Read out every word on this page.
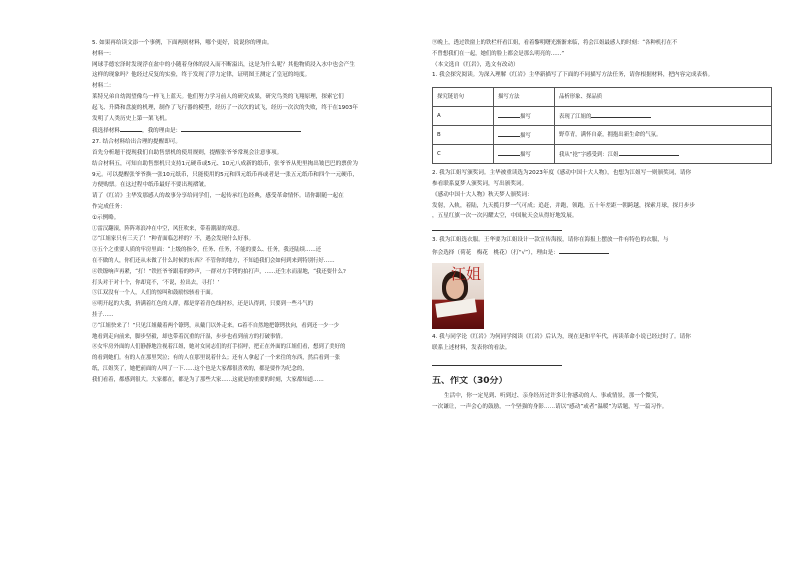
5. 如果再给读文添一个事例，下面两则材料，哪个更好，说说你的理由。

材料一：

网球手德宏泽时发现浮在盆中的小随着身体的浸入而不断溢出，这是为什么呢？其他物质浸入水中也会产生

这样的现象吗？他经过反复的实验，终于发现了浮力定律，证明图王测定了皇冠的纯度。

材料二：

莱特兄弟自幼渴望像鸟一样飞上蓝天。他们努力学习前人的研究成果，研究鸟类的飞翔原理，探索它们

起飞、升降和盘旋的机理，制作了飞行器的模型，经历了一次次的试飞，经历一次次的失败，终于在1903年

发明了人类历史上第一架飞机。

我选择材料	，我的理由是：

27. 结合材料给出合理的提醒即可。

首先分析题干提现我们自助售票机的使用规则，提醒张爷爷常现会注意事项。

结合材料五，可知自助售票机只支持1元硬币或5元、10元八成新的纸币，张爷爷从兜里掏出皱巴巴的票价为

9元。可以提醒张爷爷换一张10元纸币，只能使用的5元和四元纸币再或者是一张五元纸币和四个一元硬币，

方便购票。在这过程中纸币最好不要出现褶皱。

请了《红岩》主华发那感人的故事分享给同学们，一起传承红色经典，感受革命情怀。请你跟随一起在

作完成任务：

①示例略。

①雷汉翻滚，阵阵寒浪冲在中空，风狂吹来，带着潮湿的寒意。

②“江姐家只有三天了！”种青面临怎样的？不，遇会发现什么好事。

③五个之重要人质的牢房里面：“上级的指令，任务、任务，不能的要么、任务，我还陆续……还

在不做的人，你们还从未做了什么时候的东西？不管你的地方，不知道我们会如何到来到特别行好……

④铁镣响声再紧，“打！”铁匠爷爷跟着的吵声，一群对方手铐的拍打声，……还生水而湿地，“我还要什么?

打头对于对十个，你却竟不，‘不说，拉出去，寻打！’

⑤江双没有一个人，人们的惊叫和鼓励惊骇看于面。

⑥明开起的大我，挤满着红色的人群，都是穿着青色线衬衫，还是认得到，只要到一些斗气的

挂子……

⑦“江姐快来了！”只见江姐戴着两个镣铐，从戴门以外走来。G着不自然地把镣铐扶向，看到还一少一少

地看到走向前来，脚步坚毅，却也带着沉重的汗湿，步步也看到前方的打破事情。

⑧女牢房外面的人们静静地注视着江姐，她对女同志们的打手招呼，把正在外面的江姐们看，想到了美好的

的看到她们。有的人在那里哭泣；有的人在那里说着什么；还有人拿起了一个来往的东西，然后看到一张

纸，江姐笑了，她把前面的人叫了一下……这个也是大家都很喜欢的，都是要作为纪念的，

我们看着，都感到很大。大家都在，都是为了那些大家……这就是的重要的时刻，大家都知道……

⑨晚上，透过铁窗上的铁栏杆看江姐，看着黎明曙光渐渐来临，将会江姐最感人的时刻：“各种机打在不

不曾想我们在一起，她们的脸上都会是那么明亮的……”

（本文选自《红岩》，选文有改动）

1. 我会探究阅读。为深入理解《红岩》主华新描写了下面的不同描写方法任务，请你根据材料，把内容完成表格。

探究链语句	描写方法	品析形象、探品质
A	描写	表现了江姐的
B	描写	野草青，满怀自豪，拥抱出新生命的气氛。
C	描写	我从“抢”字感受到：江姐

2. 我为江姐写颁奖词。主华被重读选为2023年度《感动中国十大人物》，也想为江姐写一则颁奖词，请你

参看联系夏梦人颁奖词，写出颁奖词。

《感动中国十大人物》秋天梦人颁奖词：

发射，入轨，着陆，九天揽月梦一气可成；追赶，并跑，领跑，五十年差距一朝跨越，探索月球，探月步步

，五星红旗一次一次闪耀太空，中国航天会从得好地发展。

3. 我为江姐选衣服。王华要为江姐设计一款宣传海报，请你在海报上摆放一件有特色的衣服，与

你会选择（荷花　梅花　桃花）（打“√”），理由是：

江姐

4. 我与同学论《红岩》为何同学阅读《红岩》后认为，现在是和平年代，再读革命小说已经过时了。请你

联系上述材料，发表你的看法。

五、作文（30分）

生活中，你一定见到、听到过、亲身经历过许多让你感动的人、事或情景，那一个微笑，

一次谦让，一声会心的鼓励，一个坚强的身影……请以“感动”或者“温暖”为话题，写一篇习作。
